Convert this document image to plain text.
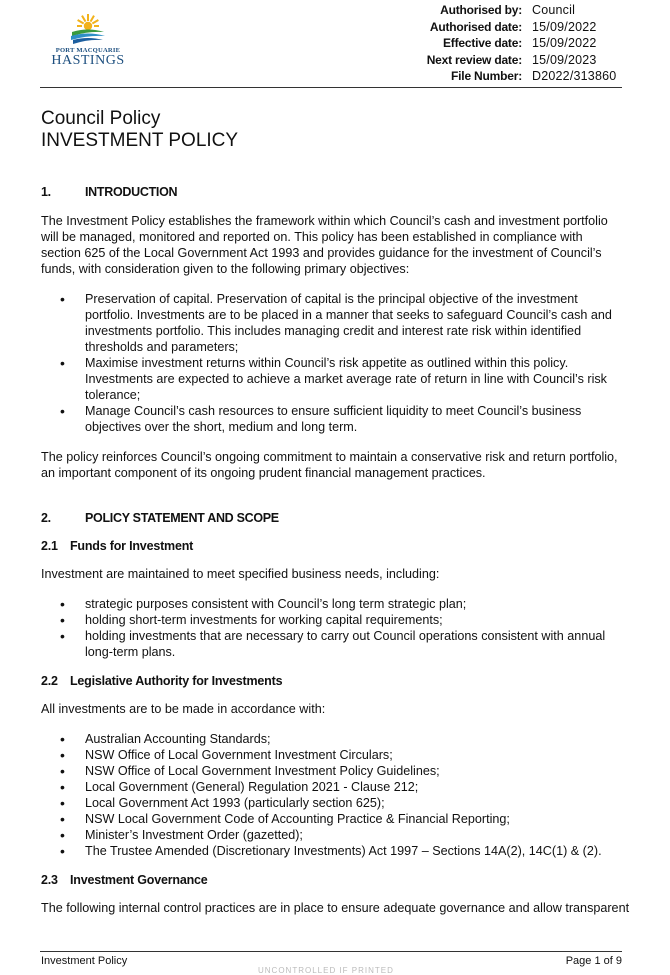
PORT MACQUARIE
HASTINGS
Authorised by: Council
Authorised date: 15/09/2022
Effective date: 15/09/2022
Next review date: 15/09/2023
File Number: D2022/313860
Council Policy
INVESTMENT POLICY
1.	INTRODUCTION

The Investment Policy establishes the framework within which Council’s cash and investment portfolio will be managed, monitored and reported on. This policy has been established in compliance with section 625 of the Local Government Act 1993 and provides guidance for the investment of Council’s funds, with consideration given to the following primary objectives:

• Preservation of capital. Preservation of capital is the principal objective of the investment portfolio. Investments are to be placed in a manner that seeks to safeguard Council’s cash and investments portfolio. This includes managing credit and interest rate risk within identified thresholds and parameters;
• Maximise investment returns within Council’s risk appetite as outlined within this policy. Investments are expected to achieve a market average rate of return in line with Council’s risk tolerance;
• Manage Council’s cash resources to ensure sufficient liquidity to meet Council’s business objectives over the short, medium and long term.

The policy reinforces Council’s ongoing commitment to maintain a conservative risk and return portfolio, an important component of its ongoing prudent financial management practices.

2.	POLICY STATEMENT AND SCOPE
2.1 Funds for Investment

Investment are maintained to meet specified business needs, including:

• strategic purposes consistent with Council’s long term strategic plan;
• holding short-term investments for working capital requirements;
• holding investments that are necessary to carry out Council operations consistent with annual long-term plans.
2.2 Legislative Authority for Investments

All investments are to be made in accordance with:

• Australian Accounting Standards;
• NSW Office of Local Government Investment Circulars;
• NSW Office of Local Government Investment Policy Guidelines;
• Local Government (General) Regulation 2021 - Clause 212;
• Local Government Act 1993 (particularly section 625);
• NSW Local Government Code of Accounting Practice & Financial Reporting;
• Minister’s Investment Order (gazetted);
• The Trustee Amended (Discretionary Investments) Act 1997 – Sections 14A(2), 14C(1) & (2).
2.3 Investment Governance

The following internal control practices are in place to ensure adequate governance and allow transparent

Investment Policy	Page 1 of 9
UNCONTROLLED IF PRINTED
